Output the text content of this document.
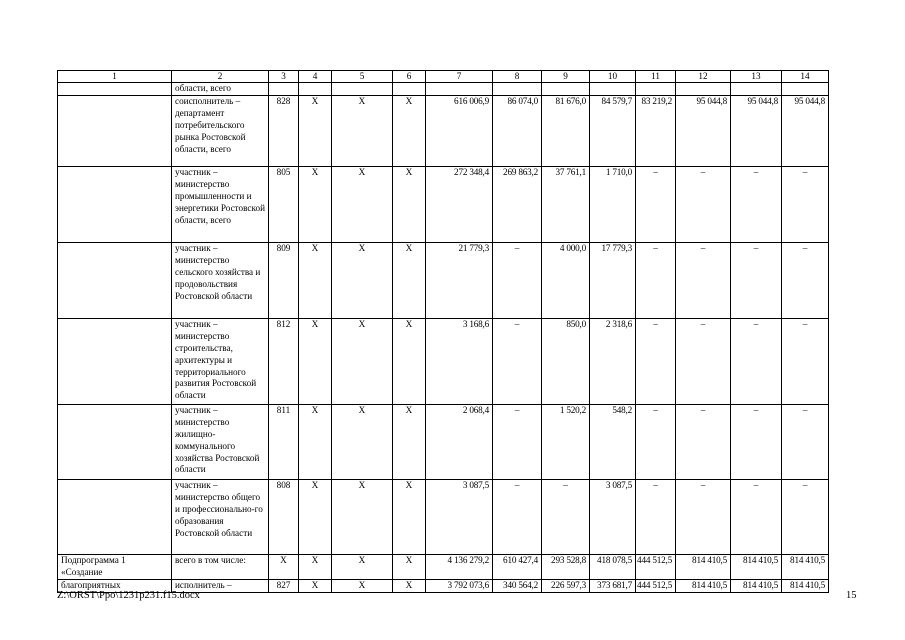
1	2	3	4	5	6	7	8	9	10	11	12	13	14
	области, всего												
	соисполнитель – департамент потребительского рынка Ростовской области, всего	828	Х	Х	Х	616 006,9	86 074,0	81 676,0	84 579,7	83 219,2	95 044,8	95 044,8	95 044,8
	участник – министерство промышленности и энергетики Ростовской области, всего	805	Х	Х	Х	272 348,4	269 863,2	37 761,1	1 710,0	–	–	–	–
	участник – министерство сельского хозяйства и продовольствия Ростовской области	809	Х	Х	Х	21 779,3	–	4 000,0	17 779,3	–	–	–	–
	участник – министерство строительства, архитектуры и территориального развития Ростовской области	812	Х	Х	Х	3 168,6	–	850,0	2 318,6	–	–	–	–
	участник – министерство жилищно-коммунального хозяйства Ростовской области	811	Х	Х	Х	2 068,4	–	1 520,2	548,2	–	–	–	–
	участник – министерство общего и профессионально-го образования Ростовской области	808	Х	Х	Х	3 087,5	–	–	3 087,5	–	–	–	–
Подпрограмма 1 «Создание	всего в том числе:	Х	Х	Х	Х	4 136 279,2	610 427,4	293 528,8	418 078,5	444 512,5	814 410,5	814 410,5	814 410,5
благоприятных	исполнитель –	827	Х	Х	Х	3 792 073,6	340 564,2	226 597,3	373 681,7	444 512,5	814 410,5	814 410,5	814 410,5
Z:\ORST\Ppo\1231p231.f15.docx	15
